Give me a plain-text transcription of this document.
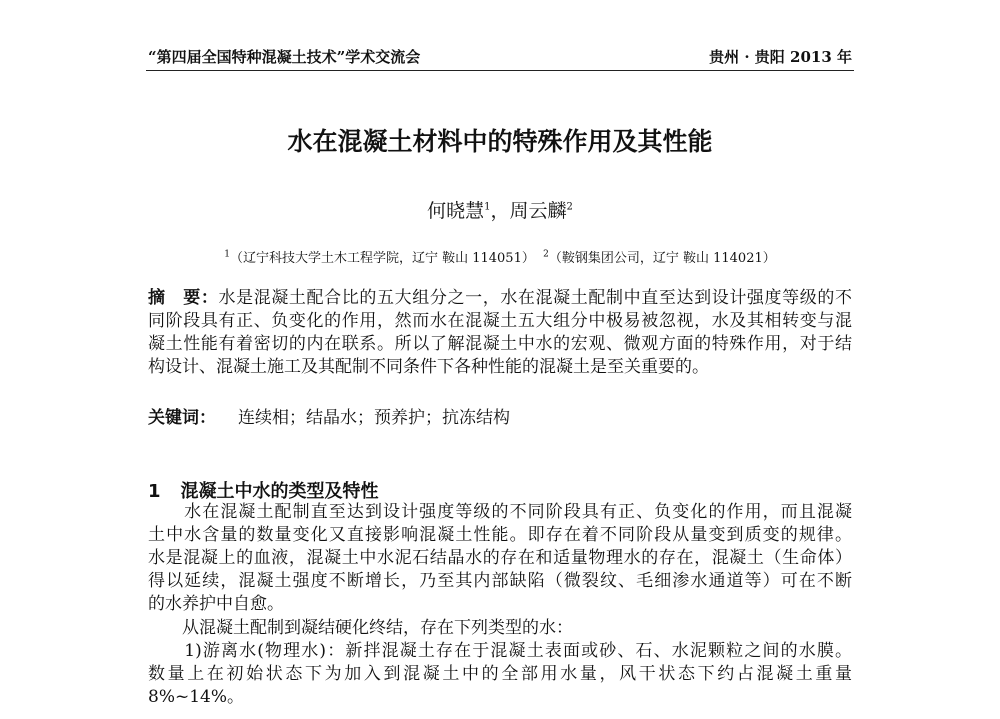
“第四届全国特种混凝土技术”学术交流会	贵州 · 贵阳 2013 年
水在混凝土材料中的特殊作用及其性能
何晓慧$^1$，周云麟$^2$
$^1$（辽宁科技大学土木工程学院，辽宁 鞍山 114051） $^2$（鞍钢集团公司，辽宁 鞍山 114021）
摘　要：水是混凝土配合比的五大组分之一，水在混凝土配制中直至达到设计强度等级的不
同阶段具有正、负变化的作用，然而水在混凝土五大组分中极易被忽视，水及其相转变与混
凝土性能有着密切的内在联系。所以了解混凝土中水的宏观、微观方面的特殊作用，对于结
构设计、混凝土施工及其配制不同条件下各种性能的混凝土是至关重要的。
关键词： 连续相；结晶水；预养护；抗冻结构
1 混凝土中水的类型及特性
　　水在混凝土配制直至达到设计强度等级的不同阶段具有正、负变化的作用，而且混凝
土中水含量的数量变化又直接影响混凝土性能。即存在着不同阶段从量变到质变的规律。
水是混凝上的血液，混凝土中水泥石结晶水的存在和适量物理水的存在，混凝土（生命体）
得以延续，混凝土强度不断增长，乃至其内部缺陷（微裂纹、毛细渗水通道等）可在不断
的水养护中自愈。
　　从混凝土配制到凝结硬化终结，存在下列类型的水：
　　1)游离水(物理水)：新拌混凝土存在于混凝土表面或砂、石、水泥颗粒之间的水膜。
数量上在初始状态下为加入到混凝土中的全部用水量，风干状态下约占混凝土重量
8%~14%。
